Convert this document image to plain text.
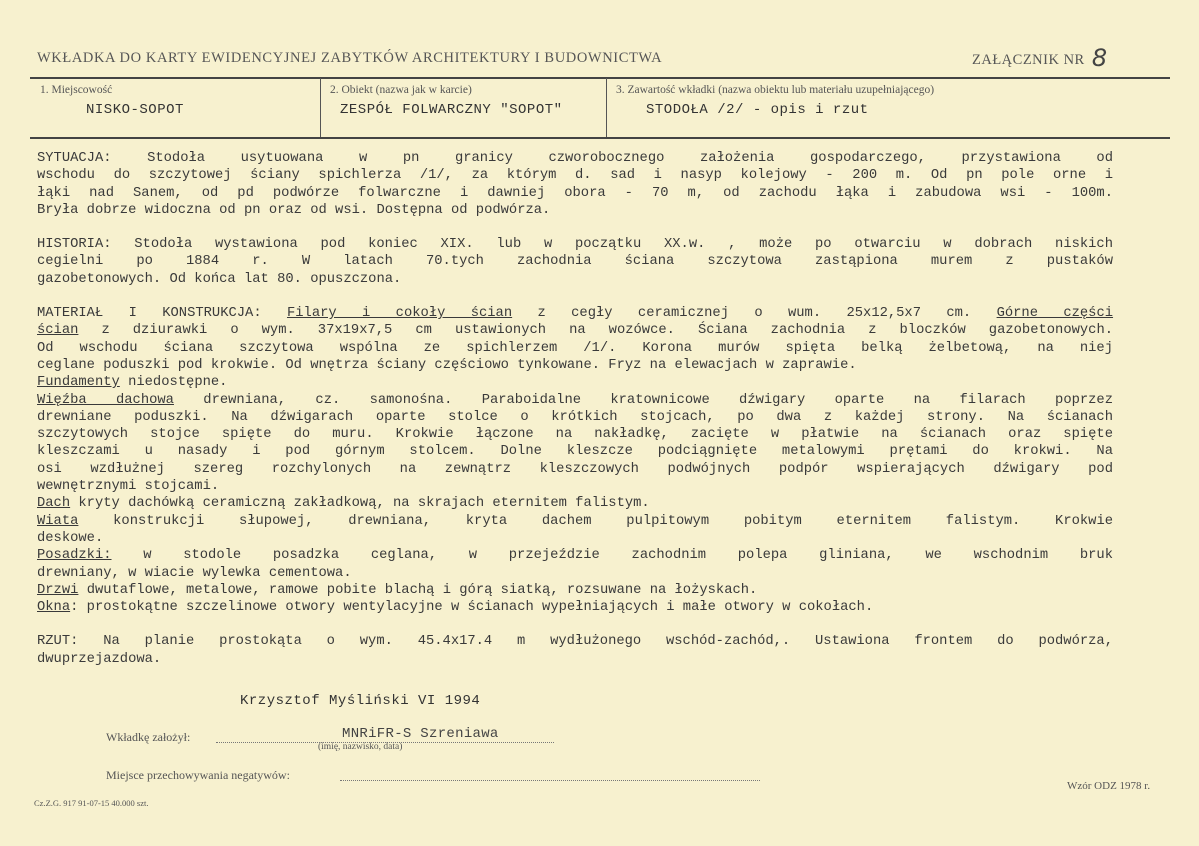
WKŁADKA DO KARTY EWIDENCYJNEJ ZABYTKÓW ARCHITEKTURY I BUDOWNICTWA	ZAŁĄCZNIK NR 8
1. Miejscowość
NISKO-SOPOT
2. Obiekt (nazwa jak w karcie)
ZESPÓŁ FOLWARCZNY "SOPOT"
3. Zawartość wkładki (nazwa obiektu lub materiału uzupełniającego)
STODOŁA /2/ - opis i rzut

SYTUACJA: Stodoła usytuowana w pn granicy czworobocznego założenia gospodarczego, przystawiona od
wschodu do szczytowej ściany spichlerza /1/, za którym d. sad i nasyp kolejowy - 200 m. Od pn pole orne i
łąki nad Sanem, od pd podwórze folwarczne i dawniej obora - 70 m, od zachodu łąka i zabudowa wsi - 100m.
Bryła dobrze widoczna od pn oraz od wsi. Dostępna od podwórza.

HISTORIA: Stodoła wystawiona pod koniec XIX. lub w początku XX.w. , może po otwarciu w dobrach niskich
cegielni po 1884 r. W latach 70.tych zachodnia ściana szczytowa zastąpiona murem z pustaków
gazobetonowych. Od końca lat 80. opuszczona.

MATERIAŁ I KONSTRUKCJA: Filary i cokoły ścian z cegły ceramicznej o wum. 25x12,5x7 cm. Górne części
ścian z dziurawki o wym. 37x19x7,5 cm ustawionych na wozówce. Ściana zachodnia z bloczków gazobetonowych.
Od wschodu ściana szczytowa wspólna ze spichlerzem /1/. Korona murów spięta belką żelbetową, na niej
ceglane poduszki pod krokwie. Od wnętrza ściany częściowo tynkowane. Fryz na elewacjach w zaprawie.
Fundamenty niedostępne.
Więźba dachowa drewniana, cz. samonośna. Paraboidalne kratownicowe dźwigary oparte na filarach poprzez
drewniane poduszki. Na dźwigarach oparte stolce o krótkich stojcach, po dwa z każdej strony. Na ścianach
szczytowych stojce spięte do muru. Krokwie łączone na nakładkę, zacięte w płatwie na ścianach oraz spięte
kleszczami u nasady i pod górnym stolcem. Dolne kleszcze podciągnięte metalowymi prętami do krokwi. Na
osi wzdłużnej szereg rozchylonych na zewnątrz kleszczowych podwójnych podpór wspierających dźwigary pod
wewnętrznymi stojcami.
Dach kryty dachówką ceramiczną zakładkową, na skrajach eternitem falistym.
Wiata	konstrukcji słupowej, drewniana, kryta dachem pulpitowym pobitym eternitem falistym. Krokwie
deskowe.
Posadzki: w stodole posadzka ceglana, w przejeździe zachodnim polepa gliniana, we wschodnim bruk
drewniany, w wiacie wylewka cementowa.
Drzwi dwutaflowe, metalowe, ramowe pobite blachą i górą siatką, rozsuwane na łożyskach.
Okna: prostokątne szczelinowe otwory wentylacyjne w ścianach wypełniających i małe otwory w cokołach.

RZUT: Na planie prostokąta o wym. 45.4x17.4 m wydłużonego wschód-zachód,. Ustawiona frontem do podwórza,
dwuprzejazdowa.

Krzysztof Myśliński VI 1994
Wkładkę założył:	MNRiFR-S Szreniawa
(imię, nazwisko, data)
Miejsce przechowywania negatywów:
Cz.Z.G. 917 91-07-15 40.000 szt.
Wzór ODZ 1978 r.
